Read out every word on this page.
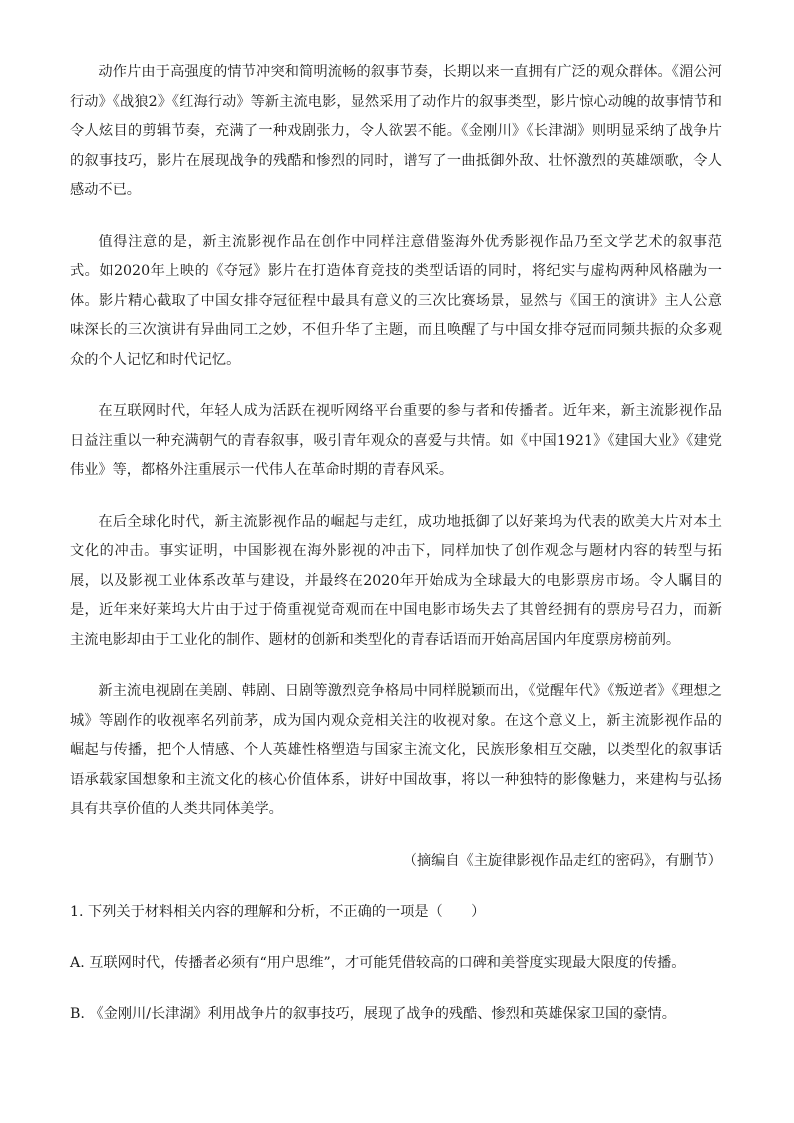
动作片由于高强度的情节冲突和简明流畅的叙事节奏，长期以来一直拥有广泛的观众群体。《湄公河行动》《战狼2》《红海行动》等新主流电影，显然采用了动作片的叙事类型，影片惊心动魄的故事情节和令人炫目的剪辑节奏，充满了一种戏剧张力，令人欲罢不能。《金刚川》《长津湖》则明显采纳了战争片的叙事技巧，影片在展现战争的残酷和惨烈的同时，谱写了一曲抵御外敌、壮怀激烈的英雄颂歌，令人感动不已。

值得注意的是，新主流影视作品在创作中同样注意借鉴海外优秀影视作品乃至文学艺术的叙事范式。如2020年上映的《夺冠》影片在打造体育竞技的类型话语的同时，将纪实与虚构两种风格融为一体。影片精心截取了中国女排夺冠征程中最具有意义的三次比赛场景，显然与《国王的演讲》主人公意味深长的三次演讲有异曲同工之妙，不但升华了主题，而且唤醒了与中国女排夺冠而同频共振的众多观众的个人记忆和时代记忆。

在互联网时代，年轻人成为活跃在视听网络平台重要的参与者和传播者。近年来，新主流影视作品日益注重以一种充满朝气的青春叙事，吸引青年观众的喜爱与共情。如《中国1921》《建国大业》《建党伟业》等，都格外注重展示一代伟人在革命时期的青春风采。

在后全球化时代，新主流影视作品的崛起与走红，成功地抵御了以好莱坞为代表的欧美大片对本土文化的冲击。事实证明，中国影视在海外影视的冲击下，同样加快了创作观念与题材内容的转型与拓展，以及影视工业体系改革与建设，并最终在2020年开始成为全球最大的电影票房市场。令人瞩目的是，近年来好莱坞大片由于过于倚重视觉奇观而在中国电影市场失去了其曾经拥有的票房号召力，而新主流电影却由于工业化的制作、题材的创新和类型化的青春话语而开始高居国内年度票房榜前列。

新主流电视剧在美剧、韩剧、日剧等激烈竞争格局中同样脱颖而出，《觉醒年代》《叛逆者》《理想之城》等剧作的收视率名列前茅，成为国内观众竞相关注的收视对象。在这个意义上，新主流影视作品的崛起与传播，把个人情感、个人英雄性格塑造与国家主流文化，民族形象相互交融，以类型化的叙事话语承载家国想象和主流文化的核心价值体系，讲好中国故事，将以一种独特的影像魅力，来建构与弘扬具有共享价值的人类共同体美学。

（摘编自《主旋律影视作品走红的密码》，有删节）
1. 下列关于材料相关内容的理解和分析，不正确的一项是（　　）
A. 互联网时代，传播者必须有“用户思维”，才可能凭借较高的口碑和美誉度实现最大限度的传播。
B. 《金刚川/长津湖》利用战争片的叙事技巧，展现了战争的残酷、惨烈和英雄保家卫国的豪情。
